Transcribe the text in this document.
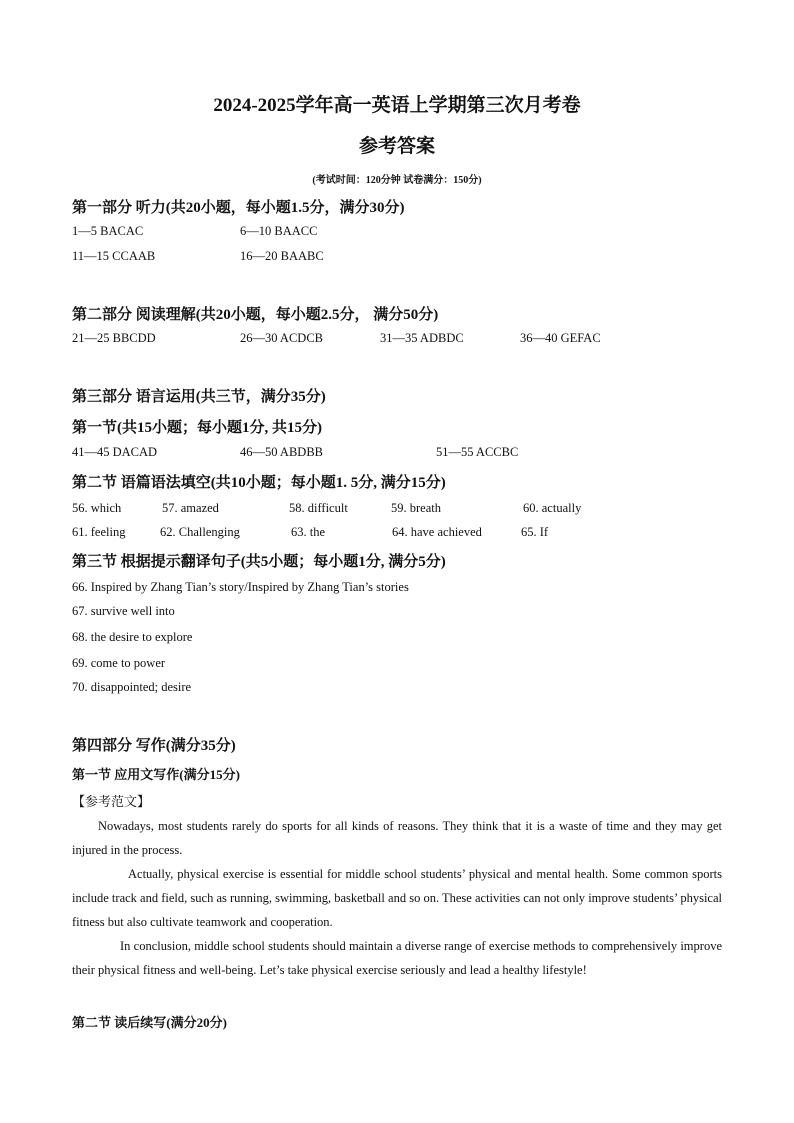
2024-2025学年高一英语上学期第三次月考卷
参考答案
(考试时间：120分钟 试卷满分：150分)
第一部分 听力(共20小题，每小题1.5分，满分30分)
1—5 BACAC	6—10 BAACC
11—15 CCAAB	16—20 BAABC
第二部分 阅读理解(共20小题，每小题2.5分， 满分50分)
21—25 BBCDD	26—30 ACDCB	31—35 ADBDC	36—40 GEFAC
第三部分 语言运用(共三节，满分35分)
第一节(共15小题；每小题1分, 共15分)
41—45 DACAD	46—50 ABDBB	51—55 ACCBC
第二节 语篇语法填空(共10小题；每小题1. 5分, 满分15分)
56. which	57. amazed	58. difficult	59. breath	60. actually
61. feeling	62. Challenging	63. the	64. have achieved	65. If
第三节 根据提示翻译句子(共5小题；每小题1分, 满分5分)
66. Inspired by Zhang Tian’s story/Inspired by Zhang Tian’s stories
67. survive well into
68. the desire to explore
69. come to power
70. disappointed; desire
第四部分 写作(满分35分)
第一节 应用文写作(满分15分)
【参考范文】
Nowadays, most students rarely do sports for all kinds of reasons. They think that it is a waste of time and they may get injured in the process.
Actually, physical exercise is essential for middle school students’ physical and mental health. Some common sports include track and field, such as running, swimming, basketball and so on. These activities can not only improve students’ physical fitness but also cultivate teamwork and cooperation.
In conclusion, middle school students should maintain a diverse range of exercise methods to comprehensively improve their physical fitness and well-being. Let’s take physical exercise seriously and lead a healthy lifestyle!
第二节 读后续写(满分20分)
